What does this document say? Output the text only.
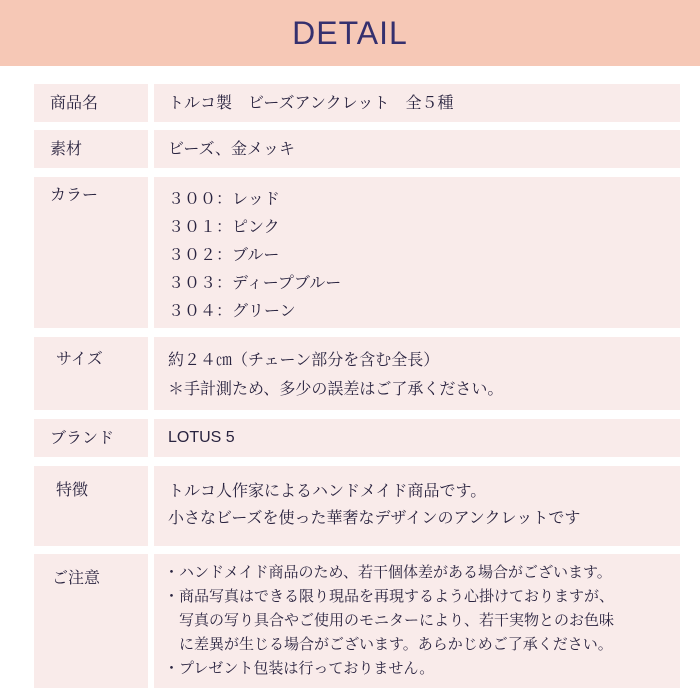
DETAIL
商品名	トルコ製　ビーズアンクレット　全５種
素材	ビーズ、金メッキ
カラー	３００：レッド
３０１：ピンク
３０２：ブルー
３０３：ディープブルー
３０４：グリーン
サイズ	約２４㎝（チェーン部分を含む全長）
＊手計測ため、多少の誤差はご了承ください。
ブランド	LOTUS 5
特徴	トルコ人作家によるハンドメイド商品です。
小さなビーズを使った華奢なデザインのアンクレットです
ご注意	・ハンドメイド商品のため、若干個体差がある場合がございます。
・商品写真はできる限り現品を再現するよう心掛けておりますが、
　写真の写り具合やご使用のモニターにより、若干実物とのお色味
　に差異が生じる場合がございます。あらかじめご了承ください。
・プレゼント包装は行っておりません。
